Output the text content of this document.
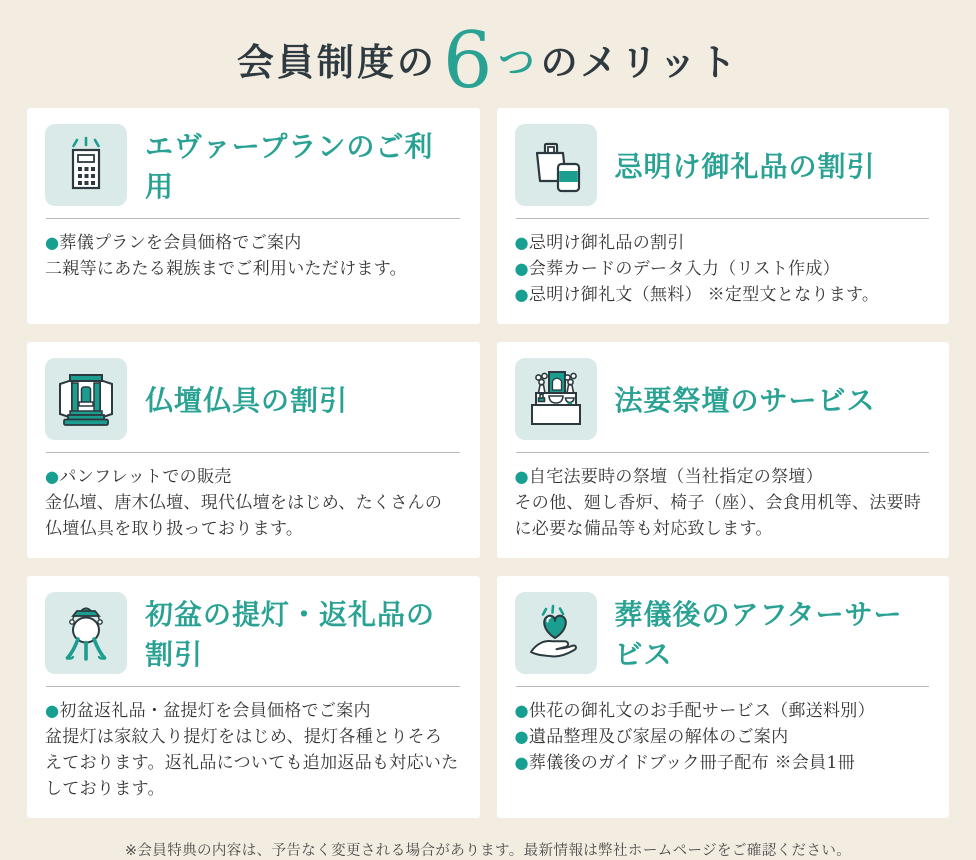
会員制度の 6 つ のメリット
エヴァープランのご利用

●葬儀プランを会員価格でご案内

二親等にあたる親族までご利用いただけます。

忌明け御礼品の割引

●忌明け御礼品の割引

●会葬カードのデータ入力（リスト作成）

●忌明け御礼文（無料） ※定型文となります。

仏壇仏具の割引

●パンフレットでの販売

金仏壇、唐木仏壇、現代仏壇をはじめ、たくさんの仏壇仏具を取り扱っております。

法要祭壇のサービス

●自宅法要時の祭壇（当社指定の祭壇）

その他、廻し香炉、椅子（座）、会食用机等、法要時に必要な備品等も対応致します。

初盆の提灯・返礼品の割引

●初盆返礼品・盆提灯を会員価格でご案内

盆提灯は家紋入り提灯をはじめ、提灯各種とりそろえております。返礼品についても追加返品も対応いたしております。

葬儀後のアフターサービス

●供花の御礼文のお手配サービス（郵送料別）

●遺品整理及び家屋の解体のご案内

●葬儀後のガイドブック冊子配布 ※会員1冊

※会員特典の内容は、予告なく変更される場合があります。最新情報は弊社ホームページをご確認ください。
